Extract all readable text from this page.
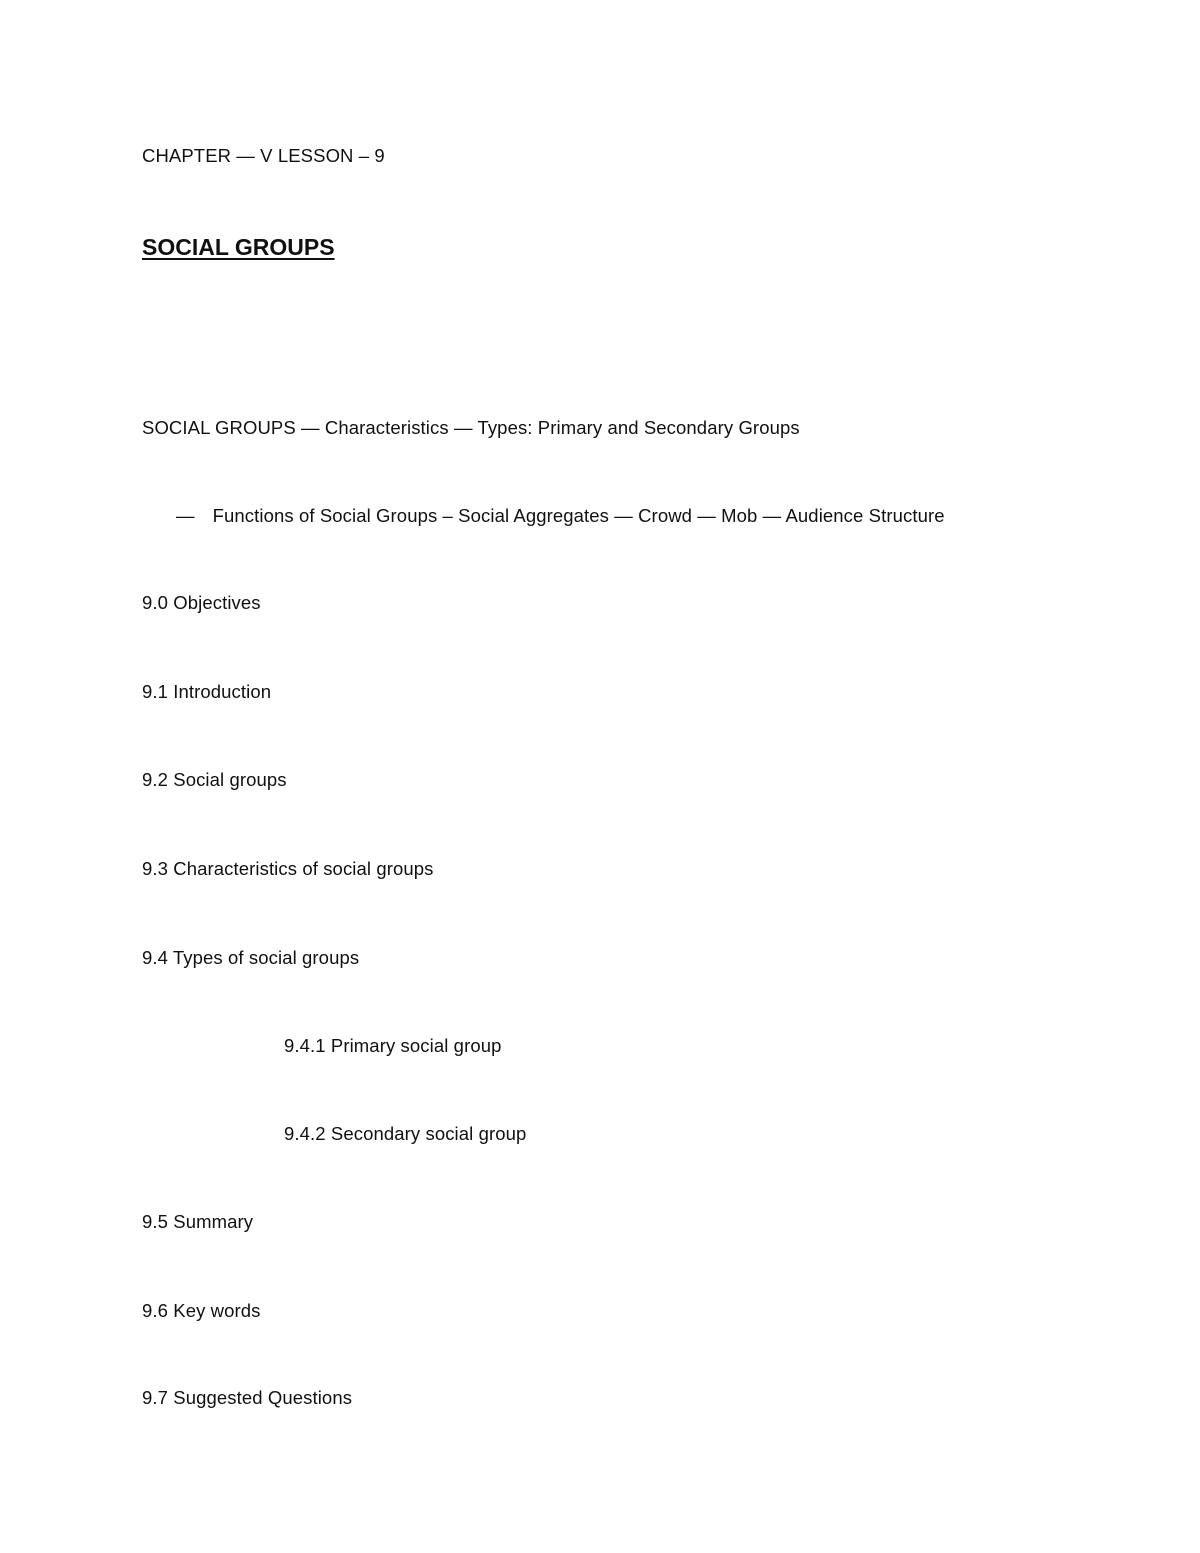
CHAPTER — V LESSON – 9
SOCIAL GROUPS
SOCIAL GROUPS — Characteristics — Types: Primary and Secondary Groups
— Functions of Social Groups – Social Aggregates — Crowd — Mob — Audience Structure
9.0 Objectives
9.1 Introduction
9.2 Social groups
9.3 Characteristics of social groups
9.4 Types of social groups
9.4.1 Primary social group
9.4.2 Secondary social group
9.5 Summary
9.6 Key words
9.7 Suggested Questions
